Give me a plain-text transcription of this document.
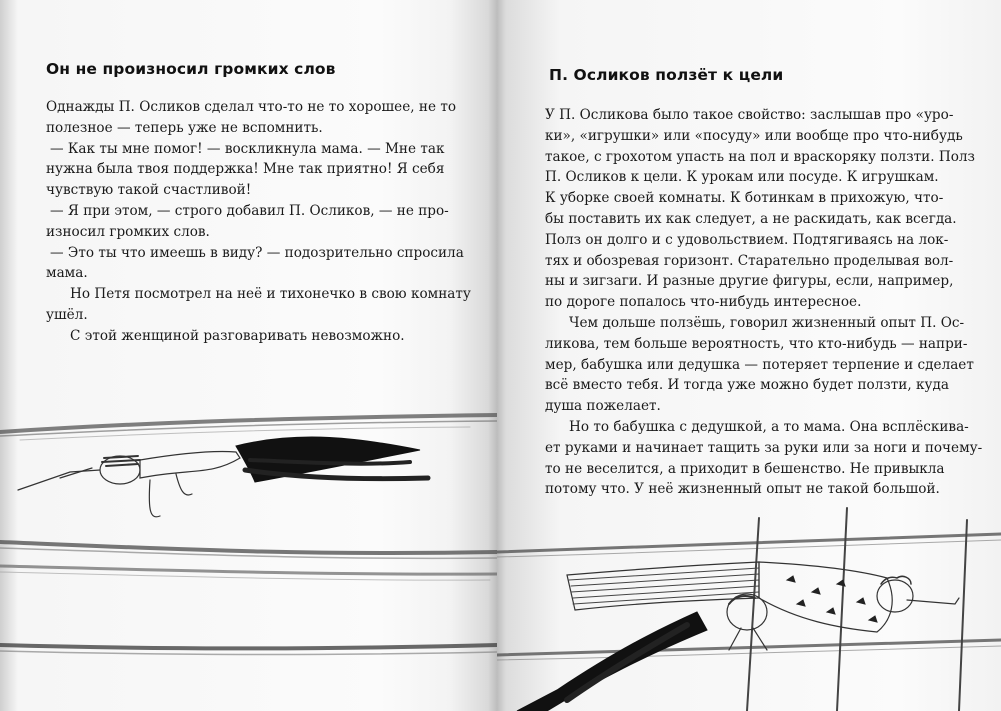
Он не произносил громких слов
Однажды П. Осликов сделал что-то не то хорошее, не то
полезное — теперь уже не вспомнить.
— Как ты мне помог! — воскликнула мама. — Мне так
нужна была твоя поддержка! Мне так приятно! Я себя
чувствую такой счастливой!
— Я при этом, — строго добавил П. Осликов, — не про-
износил громких слов.
— Это ты что имеешь в виду? — подозрительно спросила
мама.
Но Петя посмотрел на неё и тихонечко в свою комнату
ушёл.
С этой женщиной разговаривать невозможно.
П. Осликов ползёт к цели
У П. Осликова было такое свойство: заслышав про «уро-
ки», «игрушки» или «посуду» или вообще про что-нибудь
такое, с грохотом упасть на пол и враскоряку ползти. Полз
П. Осликов к цели. К урокам или посуде. К игрушкам.
К уборке своей комнаты. К ботинкам в прихожую, что-
бы поставить их как следует, а не раскидать, как всегда.
Полз он долго и с удовольствием. Подтягиваясь на лок-
тях и обозревая горизонт. Старательно проделывая вол-
ны и зигзаги. И разные другие фигуры, если, например,
по дороге попалось что-нибудь интересное.
Чем дольше ползёшь, говорил жизненный опыт П. Ос-
ликова, тем больше вероятность, что кто-нибудь — напри-
мер, бабушка или дедушка — потеряет терпение и сделает
всё вместо тебя. И тогда уже можно будет ползти, куда
душа пожелает.
Но то бабушка с дедушкой, а то мама. Она всплёскива-
ет руками и начинает тащить за руки или за ноги и почему-
то не веселится, а приходит в бешенство. Не привыкла
потому что. У неё жизненный опыт не такой большой.
